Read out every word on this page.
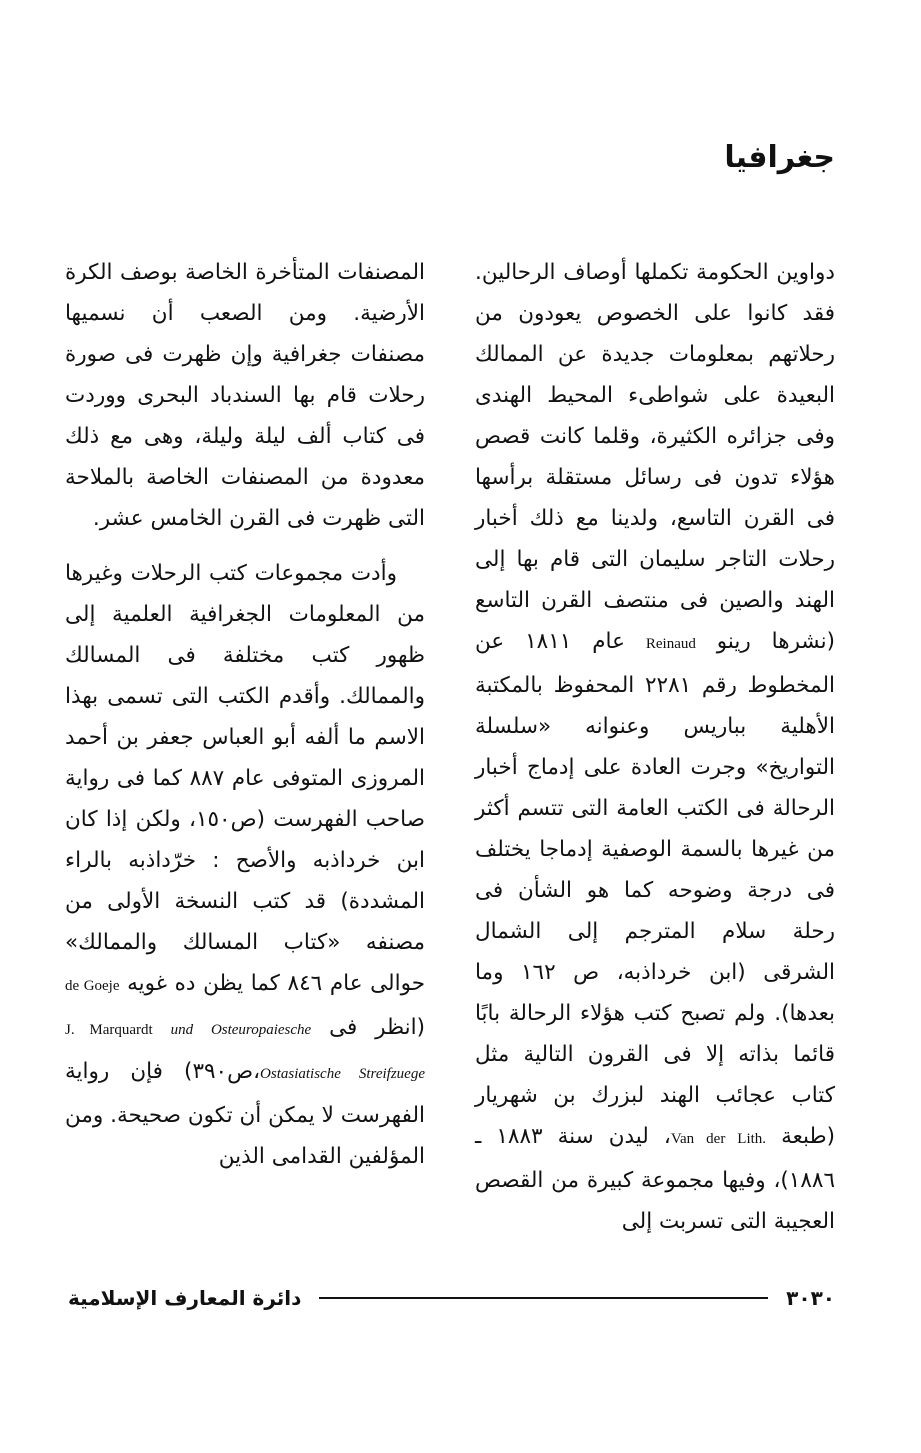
جغرافيا

دواوين الحكومة تكملها أوصاف الرحالين. فقد كانوا على الخصوص يعودون من رحلاتهم بمعلومات جديدة عن الممالك البعيدة على شواطىء المحيط الهندى وفى جزائره الكثيرة، وقلما كانت قصص هؤلاء تدون فى رسائل مستقلة برأسها فى القرن التاسع، ولدينا مع ذلك أخبار رحلات التاجر سليمان التى قام بها إلى الهند والصين فى منتصف القرن التاسع (نشرها رينو Reinaud عام ١٨١١ عن المخطوط رقم ٢٢٨١ المحفوظ بالمكتبة الأهلية بباريس وعنوانه «سلسلة التواريخ» وجرت العادة على إدماج أخبار الرحالة فى الكتب العامة التى تتسم أكثر من غيرها بالسمة الوصفية إدماجا يختلف فى درجة وضوحه كما هو الشأن فى رحلة سلام المترجم إلى الشمال الشرقى (ابن خرداذبه، ص ١٦٢ وما بعدها). ولم تصبح كتب هؤلاء الرحالة بابًا قائما بذاته إلا فى القرون التالية مثل كتاب عجائب الهند لبزرك بن شهريار (طبعة Van der Lith.، ليدن سنة ١٨٨٣ ـ ١٨٨٦)، وفيها مجموعة كبيرة من القصص العجيبة التى تسربت إلى

المصنفات المتأخرة الخاصة بوصف الكرة الأرضية. ومن الصعب أن نسميها مصنفات جغرافية وإن ظهرت فى صورة رحلات قام بها السندباد البحرى ووردت فى كتاب ألف ليلة وليلة، وهى مع ذلك معدودة من المصنفات الخاصة بالملاحة التى ظهرت فى القرن الخامس عشر.

وأدت مجموعات كتب الرحلات وغيرها من المعلومات الجغرافية العلمية إلى ظهور كتب مختلفة فى المسالك والممالك. وأقدم الكتب التى تسمى بهذا الاسم ما ألفه أبو العباس جعفر بن أحمد المروزى المتوفى عام ٨٨٧ كما فى رواية صاحب الفهرست (ص١٥٠، ولكن إذا كان ابن خرداذبه والأصح : خرّداذبه بالراء المشددة) قد كتب النسخة الأولى من مصنفه «كتاب المسالك والممالك» حوالى عام ٨٤٦ كما يظن ده غويه de Goeje (انظر فى J. Marquardt und Osteuropaiesche Ostasiatische Streifzuege،ص٣٩٠) فإن رواية الفهرست لا يمكن أن تكون صحيحة. ومن المؤلفين القدامى الذين

دائرة المعارف الإسلامية	٣٠٣٠
